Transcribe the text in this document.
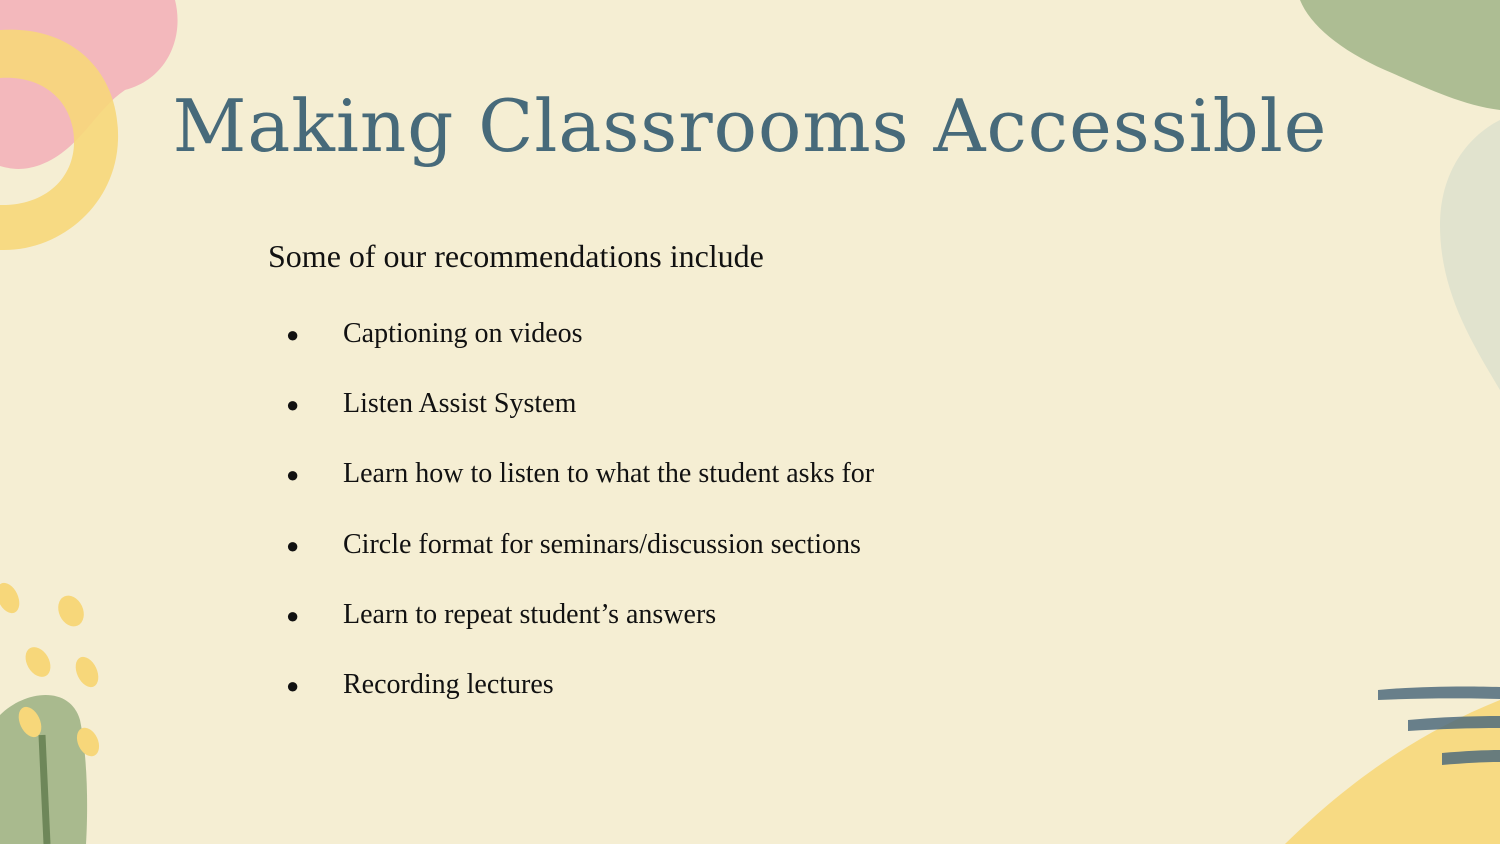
Making Classrooms Accessible
Some of our recommendations include
● Captioning on videos
● Listen Assist System
● Learn how to listen to what the student asks for
● Circle format for seminars/discussion sections
● Learn to repeat student’s answers
● Recording lectures
